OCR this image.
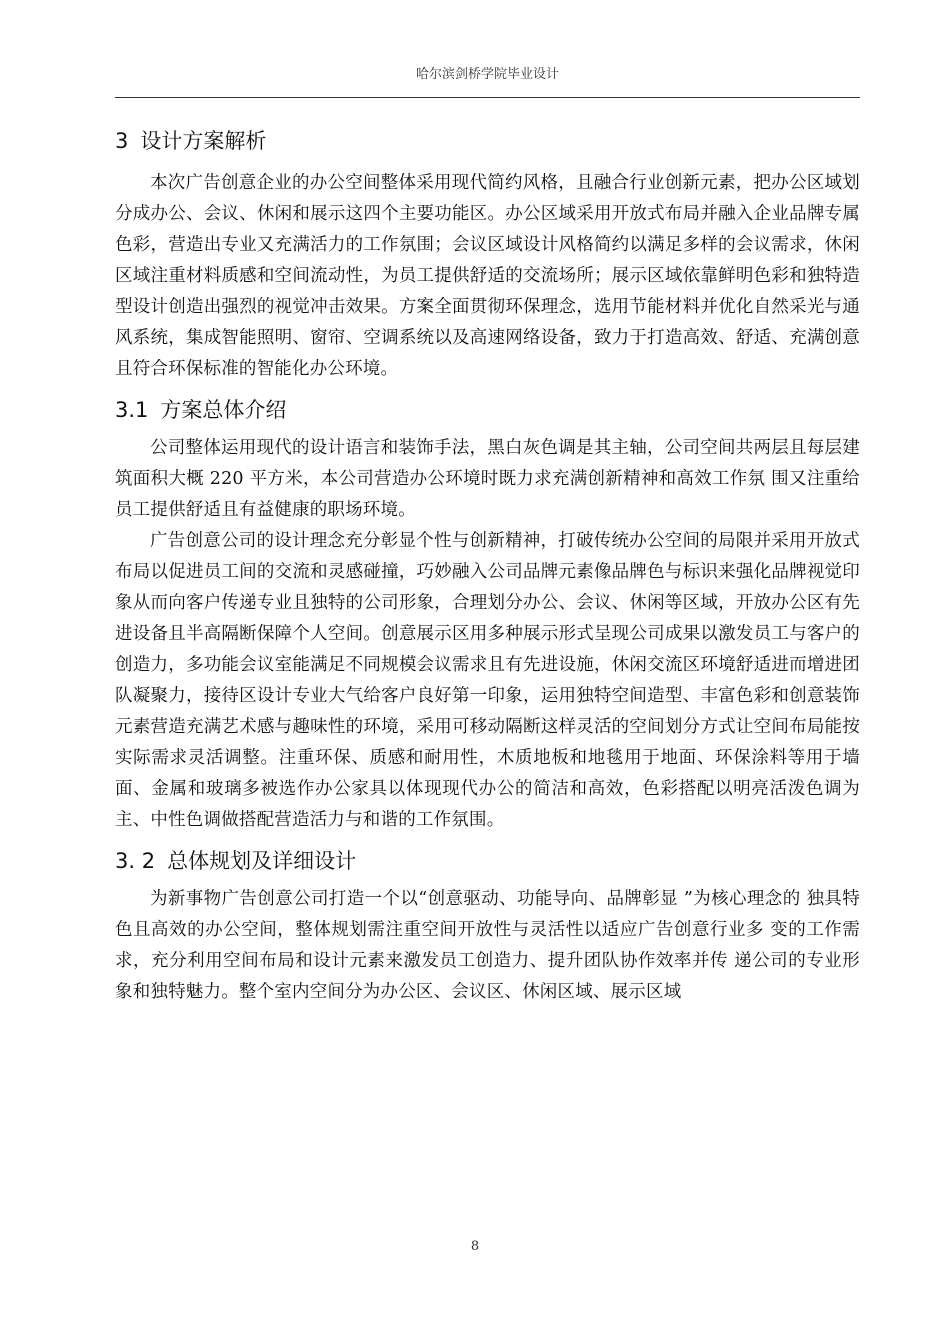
哈尔滨剑桥学院毕业设计
3 设计方案解析

本次广告创意企业的办公空间整体采用现代简约风格，且融合行业创新元素，把办公区域划分成办公、会议、休闲和展示这四个主要功能区。办公区域采用开放式布局并融入企业品牌专属色彩，营造出专业又充满活力的工作氛围；会议区域设计风格简约以满足多样的会议需求，休闲区域注重材料质感和空间流动性，为员工提供舒适的交流场所；展示区域依靠鲜明色彩和独特造型设计创造出强烈的视觉冲击效果。方案全面贯彻环保理念，选用节能材料并优化自然采光与通风系统，集成智能照明、窗帘、空调系统以及高速网络设备，致力于打造高效、舒适、充满创意且符合环保标准的智能化办公环境。

3.1 方案总体介绍

公司整体运用现代的设计语言和装饰手法，黑白灰色调是其主轴，公司空间共两层且每层建筑面积大概 220 平方米，本公司营造办公环境时既力求充满创新精神和高效工作氛 围又注重给员工提供舒适且有益健康的职场环境。

广告创意公司的设计理念充分彰显个性与创新精神，打破传统办公空间的局限并采用开放式布局以促进员工间的交流和灵感碰撞，巧妙融入公司品牌元素像品牌色与标识来强化品牌视觉印象从而向客户传递专业且独特的公司形象，合理划分办公、会议、休闲等区域，开放办公区有先进设备且半高隔断保障个人空间。创意展示区用多种展示形式呈现公司成果以激发员工与客户的创造力，多功能会议室能满足不同规模会议需求且有先进设施，休闲交流区环境舒适进而增进团队凝聚力，接待区设计专业大气给客户良好第一印象，运用独特空间造型、丰富色彩和创意装饰元素营造充满艺术感与趣味性的环境，采用可移动隔断这样灵活的空间划分方式让空间布局能按实际需求灵活调整。注重环保、质感和耐用性，木质地板和地毯用于地面、环保涂料等用于墙面、金属和玻璃多被选作办公家具以体现现代办公的简洁和高效，色彩搭配以明亮活泼色调为主、中性色调做搭配营造活力与和谐的工作氛围。

3. 2 总体规划及详细设计

为新事物广告创意公司打造一个以“创意驱动、功能导向、品牌彰显 ”为核心理念的 独具特色且高效的办公空间，整体规划需注重空间开放性与灵活性以适应广告创意行业多 变的工作需求，充分利用空间布局和设计元素来激发员工创造力、提升团队协作效率并传 递公司的专业形象和独特魅力。整个室内空间分为办公区、会议区、休闲区域、展示区域

8
